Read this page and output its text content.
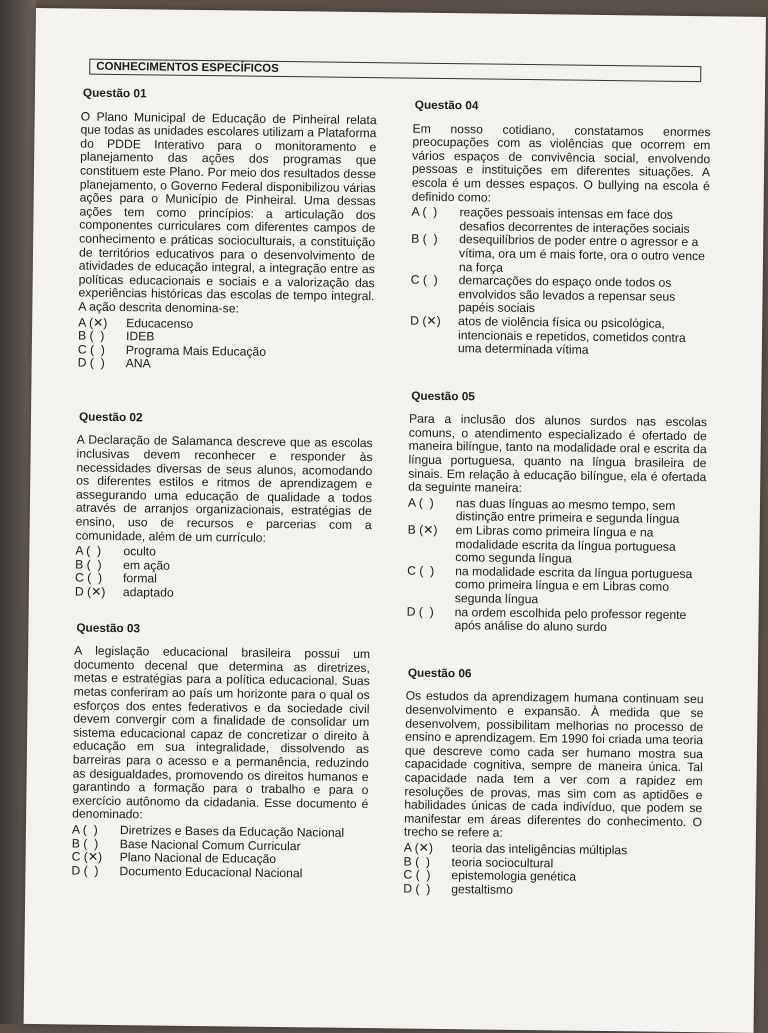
CONHECIMENTOS ESPECÍFICOS
Questão 01
O Plano Municipal de Educação de Pinheiral relata que todas as unidades escolares utilizam a Plataforma do PDDE Interativo para o monitoramento e planejamento das ações dos programas que constituem este Plano. Por meio dos resultados desse planejamento, o Governo Federal disponibilizou várias ações para o Município de Pinheiral. Uma dessas ações tem como princípios: a articulação dos componentes curriculares com diferentes campos de conhecimento e práticas socioculturais, a constituição de territórios educativos para o desenvolvimento de atividades de educação integral, a integração entre as políticas educacionais e sociais e a valorização das experiências históricas das escolas de tempo integral. A ação descrita denomina-se:
A (✕)	Educacenso
B (  )	IDEB
C (  )	Programa Mais Educação
D (  )	ANA
Questão 02
A Declaração de Salamanca descreve que as escolas inclusivas devem reconhecer e responder às necessidades diversas de seus alunos, acomodando os diferentes estilos e ritmos de aprendizagem e assegurando uma educação de qualidade a todos através de arranjos organizacionais, estratégias de ensino, uso de recursos e parcerias com a comunidade, além de um currículo:
A (  )	oculto
B (  )	em ação
C (  )	formal
D (✕)	adaptado
Questão 03
A legislação educacional brasileira possui um documento decenal que determina as diretrizes, metas e estratégias para a política educacional. Suas metas conferiram ao país um horizonte para o qual os esforços dos entes federativos e da sociedade civil devem convergir com a finalidade de consolidar um sistema educacional capaz de concretizar o direito à educação em sua integralidade, dissolvendo as barreiras para o acesso e a permanência, reduzindo as desigualdades, promovendo os direitos humanos e garantindo a formação para o trabalho e para o exercício autônomo da cidadania. Esse documento é denominado:
A (  )	Diretrizes e Bases da Educação Nacional
B (  )	Base Nacional Comum Curricular
C (✕)	Plano Nacional de Educação
D (  )	Documento Educacional Nacional
Questão 04
Em nosso cotidiano, constatamos enormes preocupações com as violências que ocorrem em vários espaços de convivência social, envolvendo pessoas e instituições em diferentes situações. A escola é um desses espaços. O bullying na escola é definido como:
A (  )	reações pessoais intensas em face dos desafios decorrentes de interações sociais
B (  )	desequilíbrios de poder entre o agressor e a vítima, ora um é mais forte, ora o outro vence na força
C (  )	demarcações do espaço onde todos os envolvidos são levados a repensar seus papéis sociais
D (✕)	atos de violência física ou psicológica, intencionais e repetidos, cometidos contra uma determinada vítima
Questão 05
Para a inclusão dos alunos surdos nas escolas comuns, o atendimento especializado é ofertado de maneira bilíngue, tanto na modalidade oral e escrita da língua portuguesa, quanto na língua brasileira de sinais. Em relação à educação bilíngue, ela é ofertada da seguinte maneira:
A (  )	nas duas línguas ao mesmo tempo, sem distinção entre primeira e segunda língua
B (✕)	em Libras como primeira língua e na modalidade escrita da língua portuguesa como segunda língua
C (  )	na modalidade escrita da língua portuguesa como primeira língua e em Libras como segunda língua
D (  )	na ordem escolhida pelo professor regente após análise do aluno surdo
Questão 06
Os estudos da aprendizagem humana continuam seu desenvolvimento e expansão. À medida que se desenvolvem, possibilitam melhorias no processo de ensino e aprendizagem. Em 1990 foi criada uma teoria que descreve como cada ser humano mostra sua capacidade cognitiva, sempre de maneira única. Tal capacidade nada tem a ver com a rapidez em resoluções de provas, mas sim com as aptidões e habilidades únicas de cada indivíduo, que podem se manifestar em áreas diferentes do conhecimento. O trecho se refere a:
A (✕)	teoria das inteligências múltiplas
B (  )	teoria sociocultural
C (  )	epistemologia genética
D (  )	gestaltismo
